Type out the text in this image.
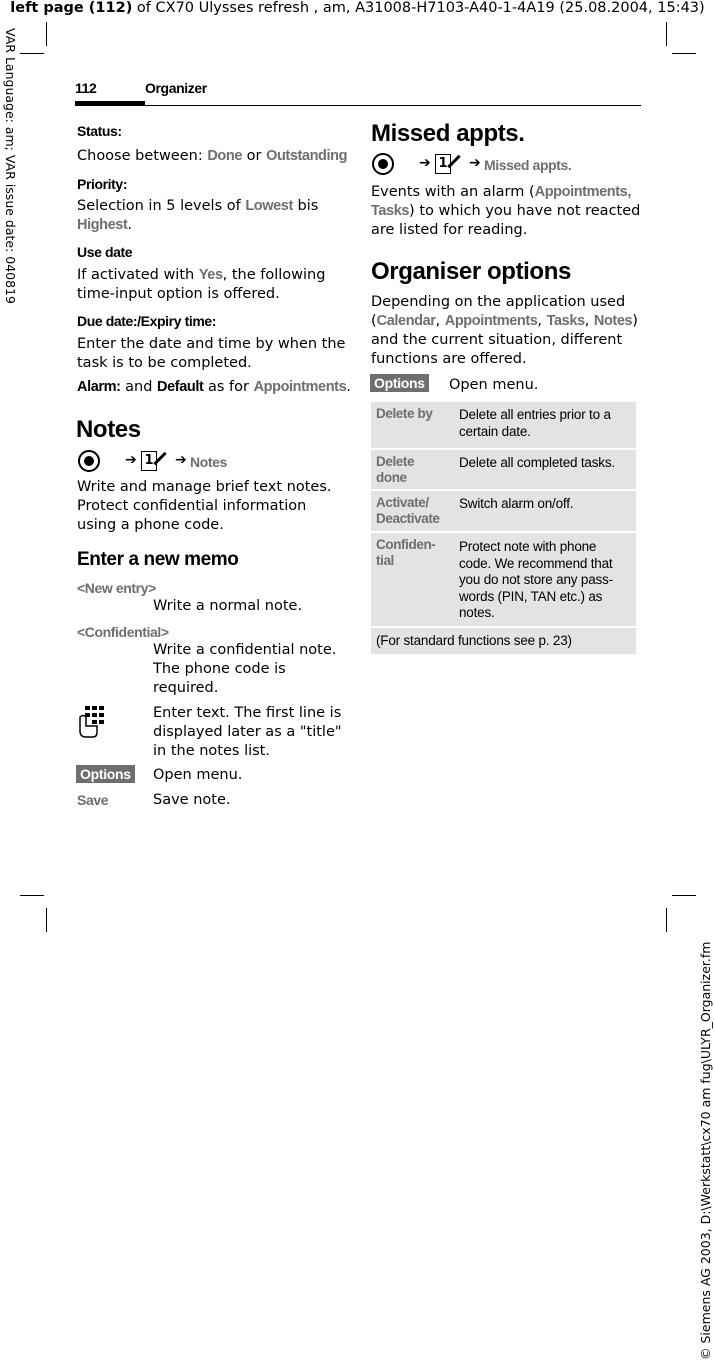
left page (112) of CX70 Ulysses refresh , am, A31008-H7103-A40-1-4A19 (25.08.2004, 15:43)
VAR Language: am; VAR issue date: 040819
© Siemens AG 2003, D:\Werkstatt\cx70 am fug\ULYR_Organizer.fm
112	Organizer
Status:
Choose between: Done or Outstanding
Priority:
Selection in 5 levels of Lowest bis
Highest.
Use date
If activated with Yes, the following
time-input option is offered.
Due date:/Expiry time:
Enter the date and time by when the
task is to be completed.
Alarm: and Default as for Appointments.
Notes
➔ 1 ➔ Notes
Write and manage brief text notes.
Protect confidential information
using a phone code.
Enter a new memo
<New entry>
Write a normal note.
<Confidential>
Write a confidential note.
The phone code is
required.
Enter text. The first line is
displayed later as a "title"
in the notes list.
Options Open menu.
Save	Save note.
Missed appts.
➔ 1 ➔ Missed appts.
Events with an alarm (Appointments,
Tasks) to which you have not reacted
are listed for reading.
Organiser options
Depending on the application used
(Calendar, Appointments, Tasks, Notes)
and the current situation, different
functions are offered.
Options Open menu.
Delete by Delete all entries prior to a certain date.
Delete done
Delete all completed tasks.
Activate/ Deactivate
Switch alarm on/off.
Confiden- tial
Protect note with phone code. We recommend that you do not store any pass- words (PIN, TAN etc.) as notes.
(For standard functions see p. 23)
